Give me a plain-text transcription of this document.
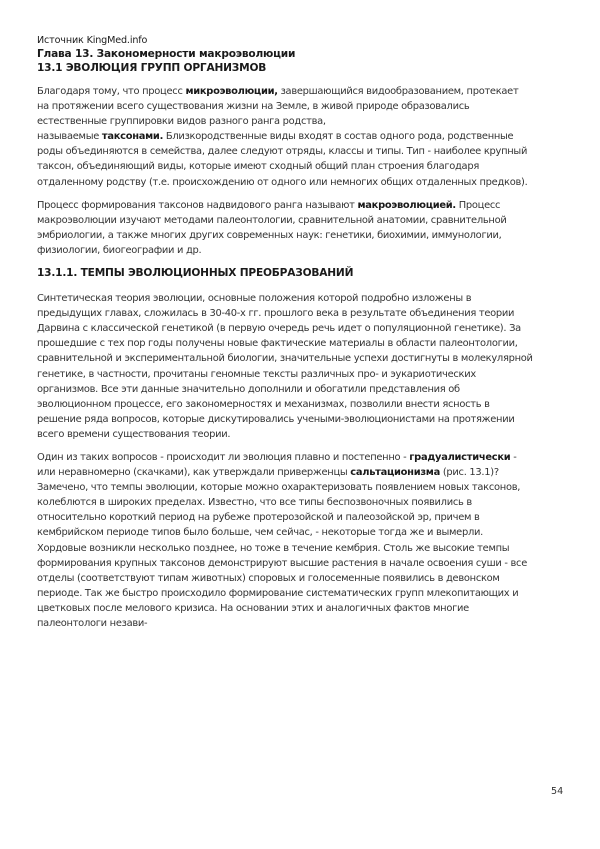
Источник KingMed.info
Глава 13. Закономерности макроэволюции
13.1 ЭВОЛЮЦИЯ ГРУПП ОРГАНИЗМОВ

Благодаря тому, что процесс микроэволюции, завершающийся видообразованием, протекает
на протяжении всего существования жизни на Земле, в живой природе образовались
естественные группировки видов разного ранга родства,
называемые таксонами. Близкородственные виды входят в состав одного рода, родственные
роды объединяются в семейства, далее следуют отряды, классы и типы. Тип - наиболее крупный
таксон, объединяющий виды, которые имеют сходный общий план строения благодаря
отдаленному родству (т.е. происхождению от одного или немногих общих отдаленных предков).

Процесс формирования таксонов надвидового ранга называют макроэволюцией. Процесс
макроэволюции изучают методами палеонтологии, сравнительной анатомии, сравнительной
эмбриологии, а также многих других современных наук: генетики, биохимии, иммунологии,
физиологии, биогеографии и др.

13.1.1. ТЕМПЫ ЭВОЛЮЦИОННЫХ ПРЕОБРАЗОВАНИЙ

Синтетическая теория эволюции, основные положения которой подробно изложены в
предыдущих главах, сложилась в 30-40-х гг. прошлого века в результате объединения теории
Дарвина с классической генетикой (в первую очередь речь идет о популяционной генетике). За
прошедшие с тех пор годы получены новые фактические материалы в области палеонтологии,
сравнительной и экспериментальной биологии, значительные успехи достигнуты в молекулярной
генетике, в частности, прочитаны геномные тексты различных про- и эукариотических
организмов. Все эти данные значительно дополнили и обогатили представления об
эволюционном процессе, его закономерностях и механизмах, позволили внести ясность в
решение ряда вопросов, которые дискутировались учеными-эволюционистами на протяжении
всего времени существования теории.

Один из таких вопросов - происходит ли эволюция плавно и постепенно - градуалистически -
или неравномерно (скачками), как утверждали приверженцы сальтационизма (рис. 13.1)?
Замечено, что темпы эволюции, которые можно охарактеризовать появлением новых таксонов,
колеблются в широких пределах. Известно, что все типы беспозвоночных появились в
относительно короткий период на рубеже протерозойской и палеозойской эр, причем в
кембрийском периоде типов было больше, чем сейчас, - некоторые тогда же и вымерли.
Хордовые возникли несколько позднее, но тоже в течение кембрия. Столь же высокие темпы
формирования крупных таксонов демонстрируют высшие растения в начале освоения суши - все
отделы (соответствуют типам животных) споровых и голосеменные появились в девонском
периоде. Так же быстро происходило формирование систематических групп млекопитающих и
цветковых после мелового кризиса. На основании этих и аналогичных фактов многие
палеонтологи незави-

54
